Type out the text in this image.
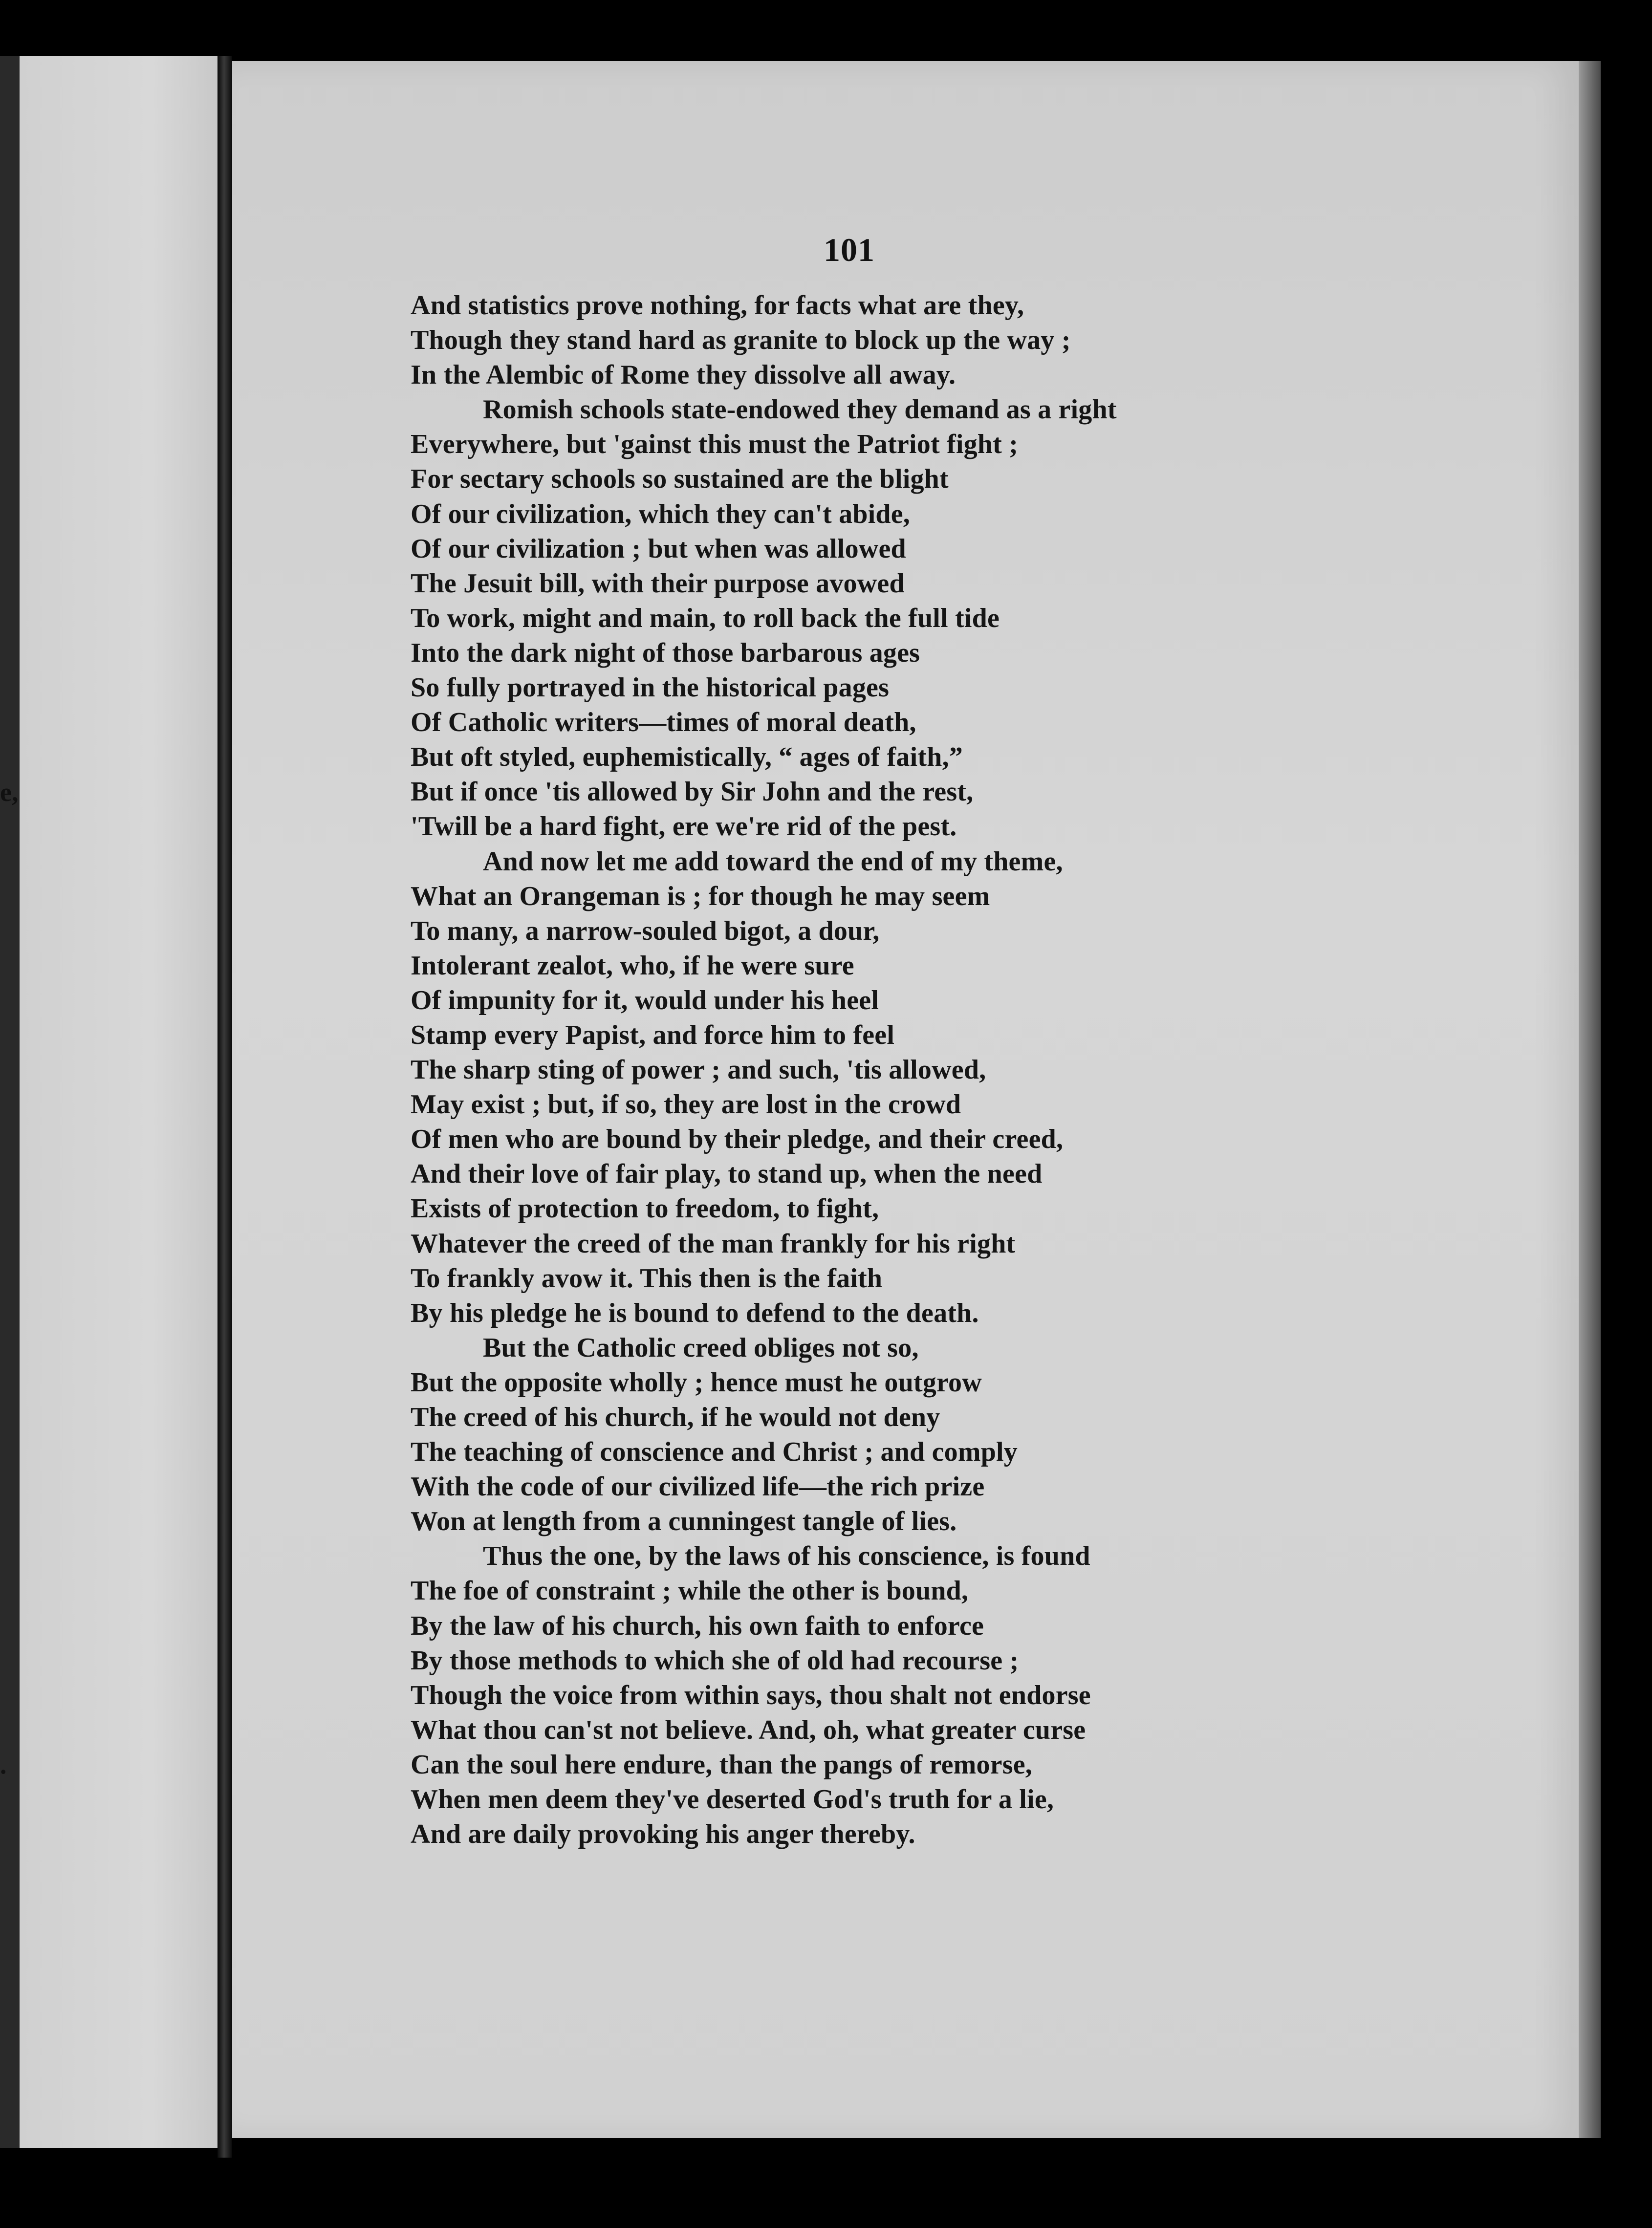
e,
.
101
And statistics prove nothing, for facts what are they,
Though they stand hard as granite to block up the way ;
In the Alembic of Rome they dissolve all away.
Romish schools state-endowed they demand as a right
Everywhere, but 'gainst this must the Patriot fight ;
For sectary schools so sustained are the blight
Of our civilization, which they can't abide,
Of our civilization ; but when was allowed
The Jesuit bill, with their purpose avowed
To work, might and main, to roll back the full tide
Into the dark night of those barbarous ages
So fully portrayed in the historical pages
Of Catholic writers—times of moral death,
But oft styled, euphemistically, “ ages of faith,”
But if once 'tis allowed by Sir John and the rest,
'Twill be a hard fight, ere we're rid of the pest.
And now let me add toward the end of my theme,
What an Orangeman is ; for though he may seem
To many, a narrow-souled bigot, a dour,
Intolerant zealot, who, if he were sure
Of impunity for it, would under his heel
Stamp every Papist, and force him to feel
The sharp sting of power ; and such, 'tis allowed,
May exist ; but, if so, they are lost in the crowd
Of men who are bound by their pledge, and their creed,
And their love of fair play, to stand up, when the need
Exists of protection to freedom, to fight,
Whatever the creed of the man frankly for his right
To frankly avow it. This then is the faith
By his pledge he is bound to defend to the death.
But the Catholic creed obliges not so,
But the opposite wholly ; hence must he outgrow
The creed of his church, if he would not deny
The teaching of conscience and Christ ; and comply
With the code of our civilized life—the rich prize
Won at length from a cunningest tangle of lies.
Thus the one, by the laws of his conscience, is found
The foe of constraint ; while the other is bound,
By the law of his church, his own faith to enforce
By those methods to which she of old had recourse ;
Though the voice from within says, thou shalt not endorse
What thou can'st not believe. And, oh, what greater curse
Can the soul here endure, than the pangs of remorse,
When men deem they've deserted God's truth for a lie,
And are daily provoking his anger thereby.
